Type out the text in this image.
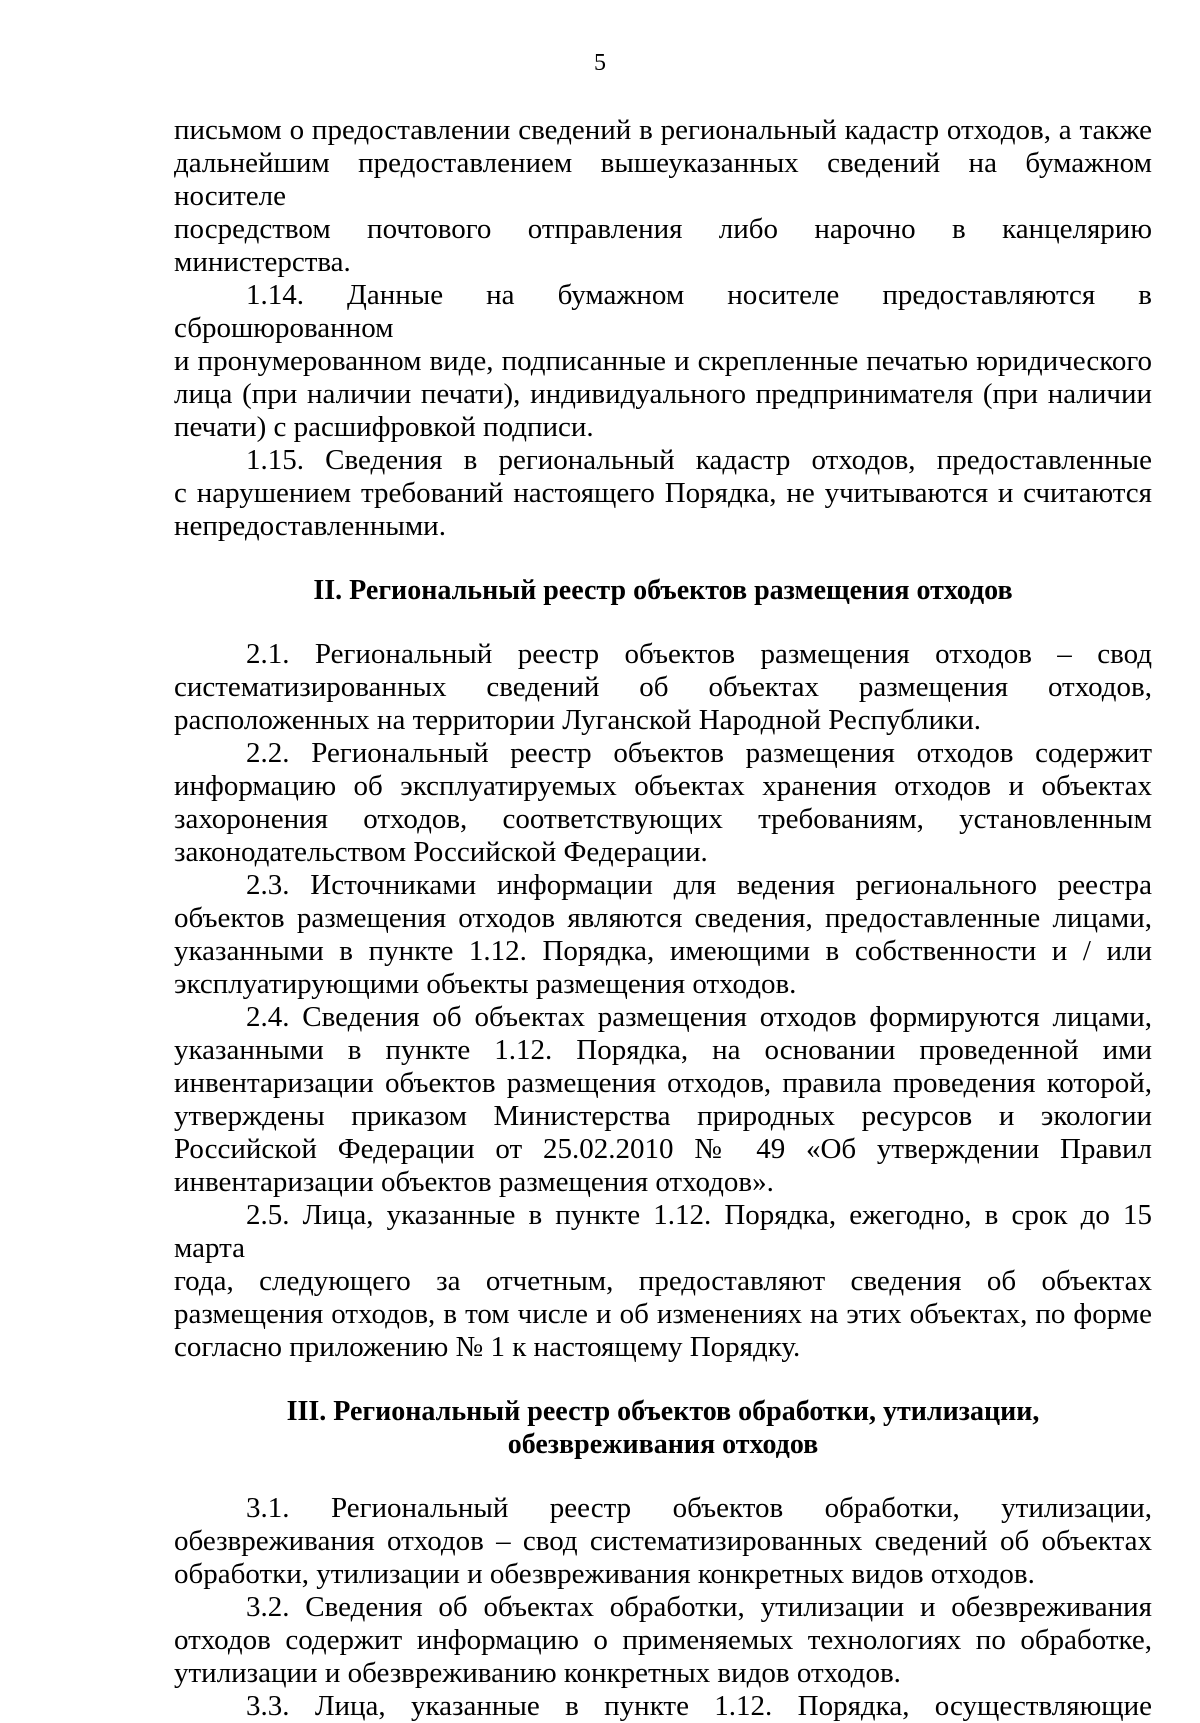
5

письмом о предоставлении сведений в региональный кадастр отходов, а также

дальнейшим предоставлением вышеуказанных сведений на бумажном носителе

посредством почтового отправления либо нарочно в канцелярию министерства.

1.14. Данные на бумажном носителе предоставляются в сброшюрованном

и пронумерованном виде, подписанные и скрепленные печатью юридического

лица (при наличии печати), индивидуального предпринимателя (при наличии

печати) с расшифровкой подписи.

1.15. Сведения в региональный кадастр отходов, предоставленные

с нарушением требований настоящего Порядка, не учитываются и считаются

непредоставленными.

II. Региональный реестр объектов размещения отходов

2.1. Региональный реестр объектов размещения отходов – свод

систематизированных сведений об объектах размещения отходов,

расположенных на территории Луганской Народной Республики.

2.2. Региональный реестр объектов размещения отходов содержит

информацию об эксплуатируемых объектах хранения отходов и объектах

захоронения отходов, соответствующих требованиям, установленным

законодательством Российской Федерации.

2.3. Источниками информации для ведения регионального реестра

объектов размещения отходов являются сведения, предоставленные лицами,

указанными в пункте 1.12. Порядка, имеющими в собственности и / или

эксплуатирующими объекты размещения отходов.

2.4. Сведения об объектах размещения отходов формируются лицами,

указанными в пункте 1.12. Порядка, на основании проведенной ими

инвентаризации объектов размещения отходов, правила проведения которой,

утверждены приказом Министерства природных ресурсов и экологии

Российской Федерации от 25.02.2010 № 49 «Об утверждении Правил

инвентаризации объектов размещения отходов».

2.5. Лица, указанные в пункте 1.12. Порядка, ежегодно, в срок до 15 марта

года, следующего за отчетным, предоставляют сведения об объектах

размещения отходов, в том числе и об изменениях на этих объектах, по форме

согласно приложению № 1 к настоящему Порядку.

III. Региональный реестр объектов обработки, утилизации,
обезвреживания отходов

3.1. Региональный реестр объектов обработки, утилизации,

обезвреживания отходов – свод систематизированных сведений об объектах

обработки, утилизации и обезвреживания конкретных видов отходов.

3.2. Сведения об объектах обработки, утилизации и обезвреживания

отходов содержит информацию о применяемых технологиях по обработке,

утилизации и обезвреживанию конкретных видов отходов.

3.3. Лица, указанные в пункте 1.12. Порядка, осуществляющие
